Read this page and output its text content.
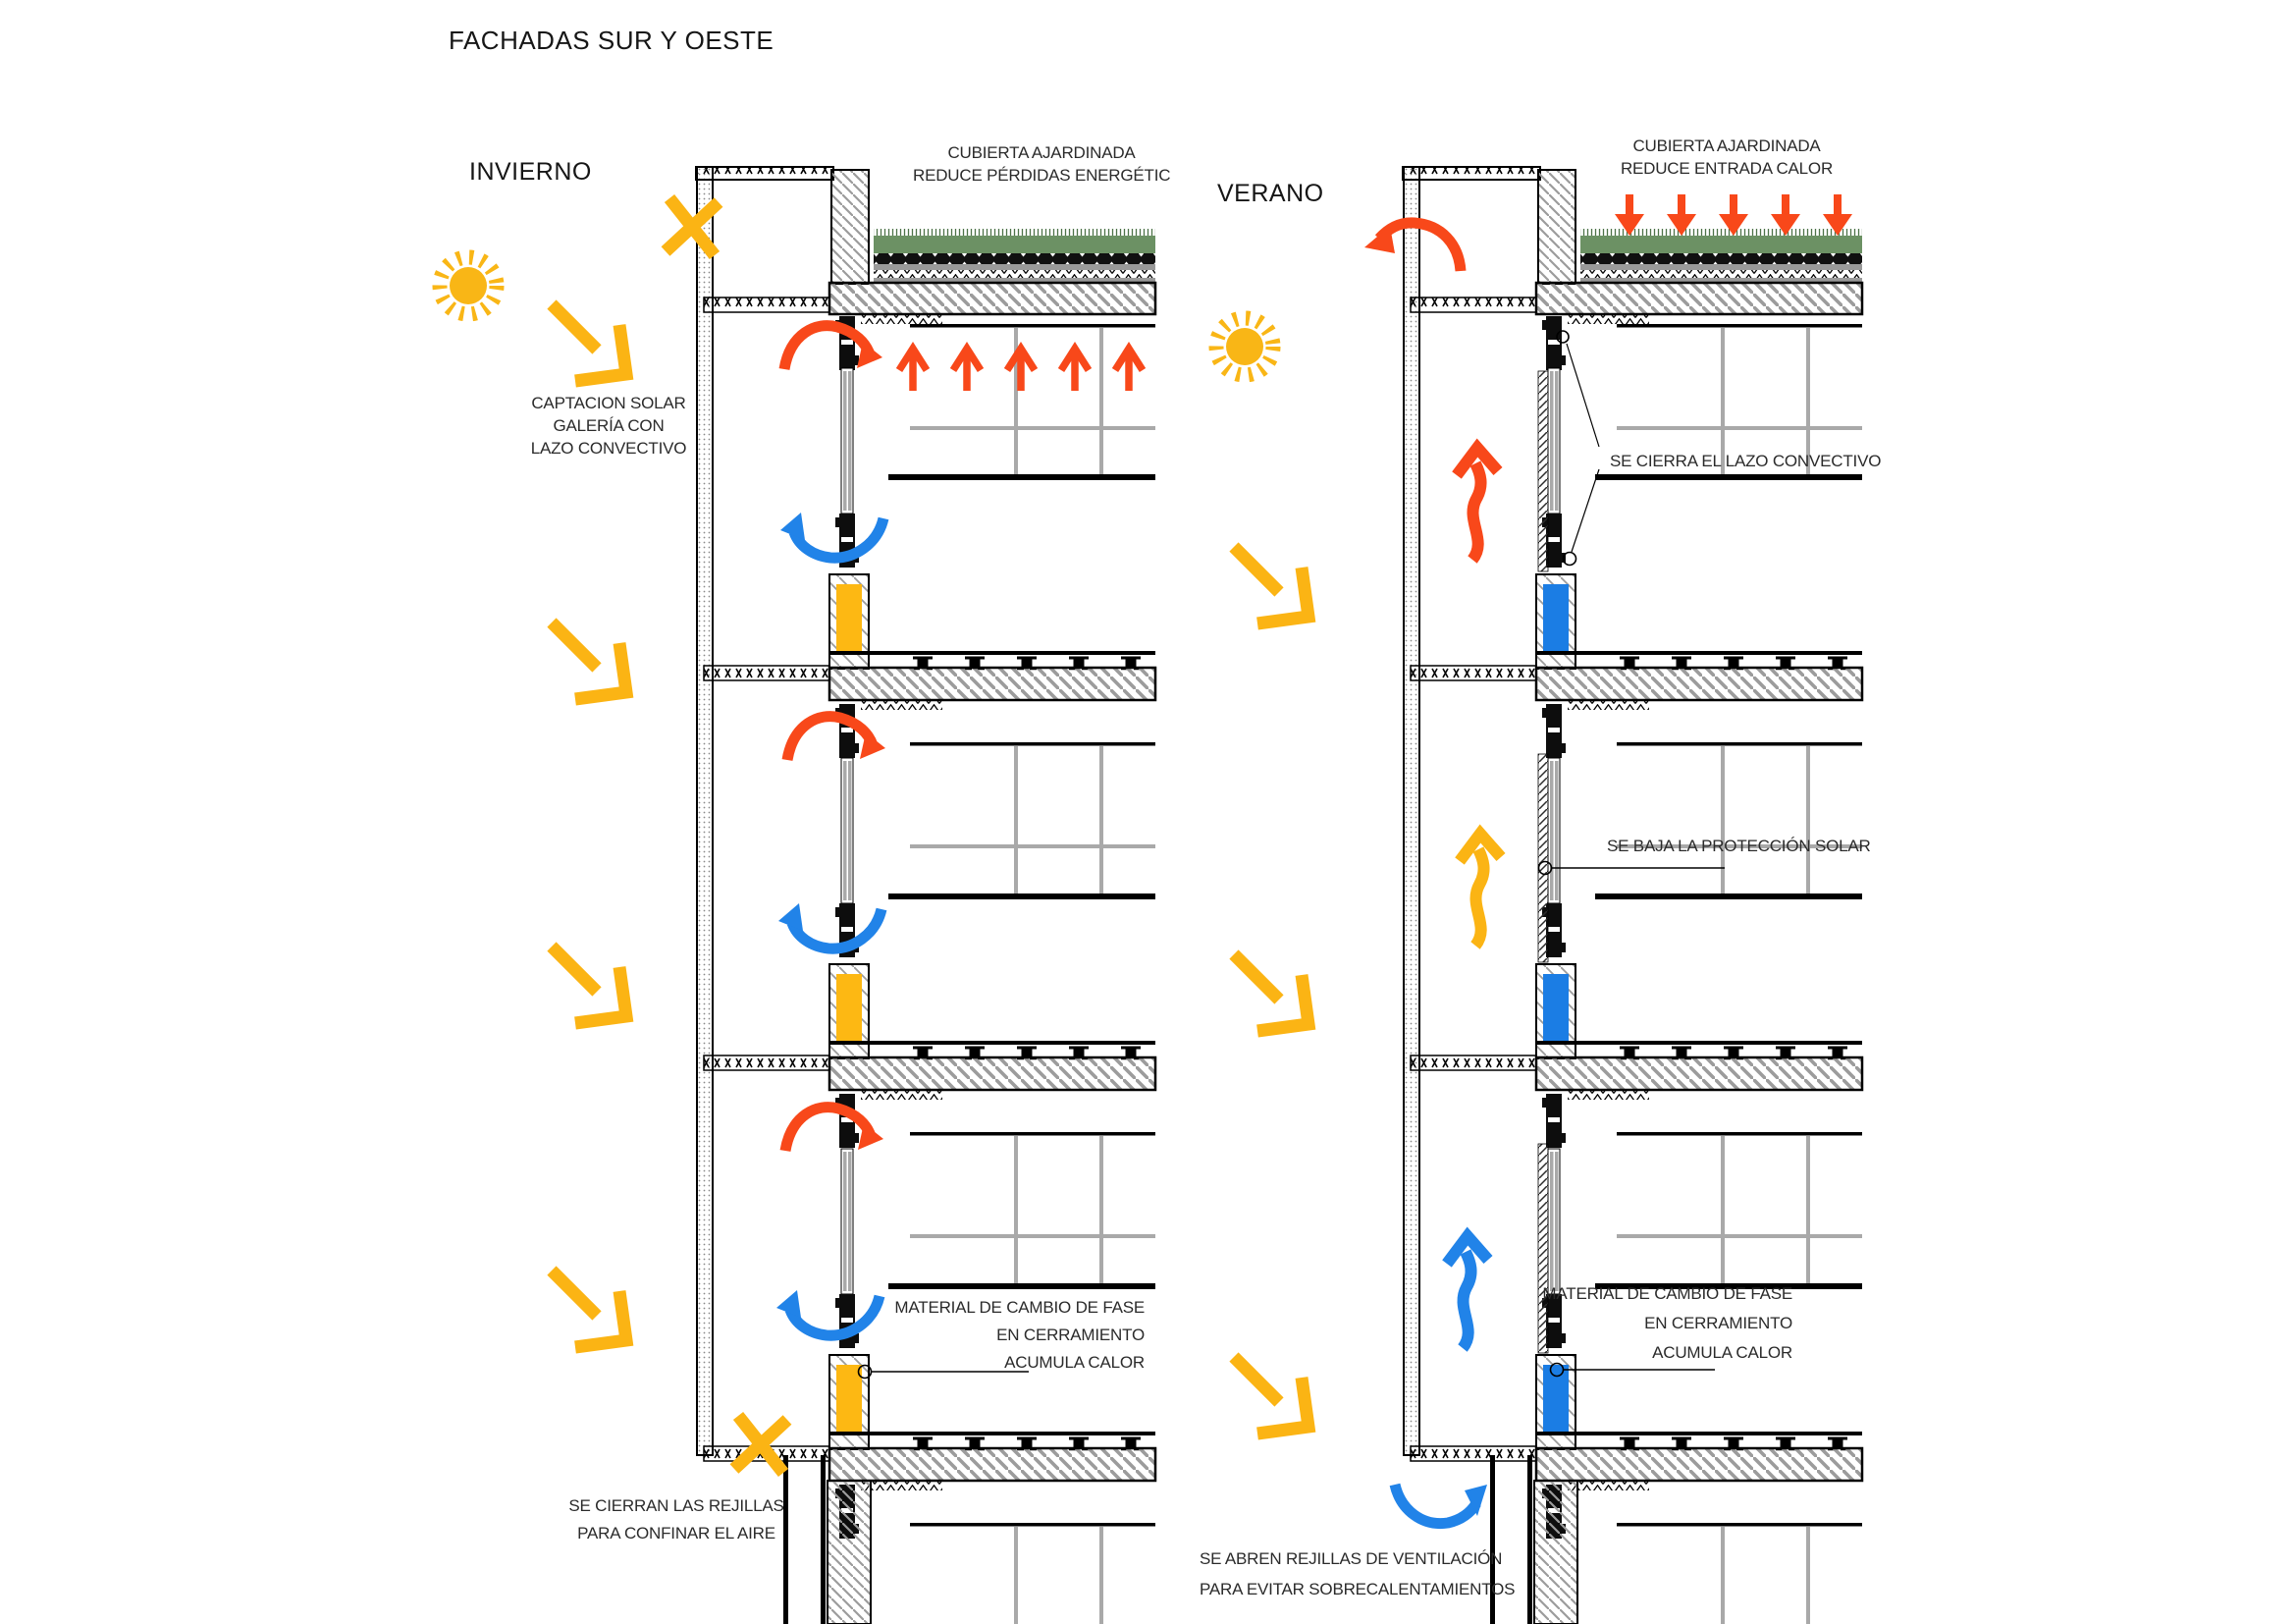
FACHADAS SUR Y OESTE
INVIERNO
VERANO
CUBIERTA AJARDINADA
REDUCE PÉRDIDAS ENERGÉTIC
CUBIERTA AJARDINADA
REDUCE ENTRADA CALOR
CAPTACION SOLAR
GALERÍA CON
LAZO CONVECTIVO
SE CIERRA EL LAZO CONVECTIVO
SE BAJA LA PROTECCIÓN SOLAR
MATERIAL DE CAMBIO DE FASE
EN CERRAMIENTO
ACUMULA CALOR
MATERIAL DE CAMBIO DE FASE
EN CERRAMIENTO
ACUMULA CALOR
SE CIERRAN LAS REJILLAS
PARA CONFINAR EL AIRE
SE ABREN REJILLAS DE VENTILACIÓN
PARA EVITAR SOBRECALENTAMIENTOS
